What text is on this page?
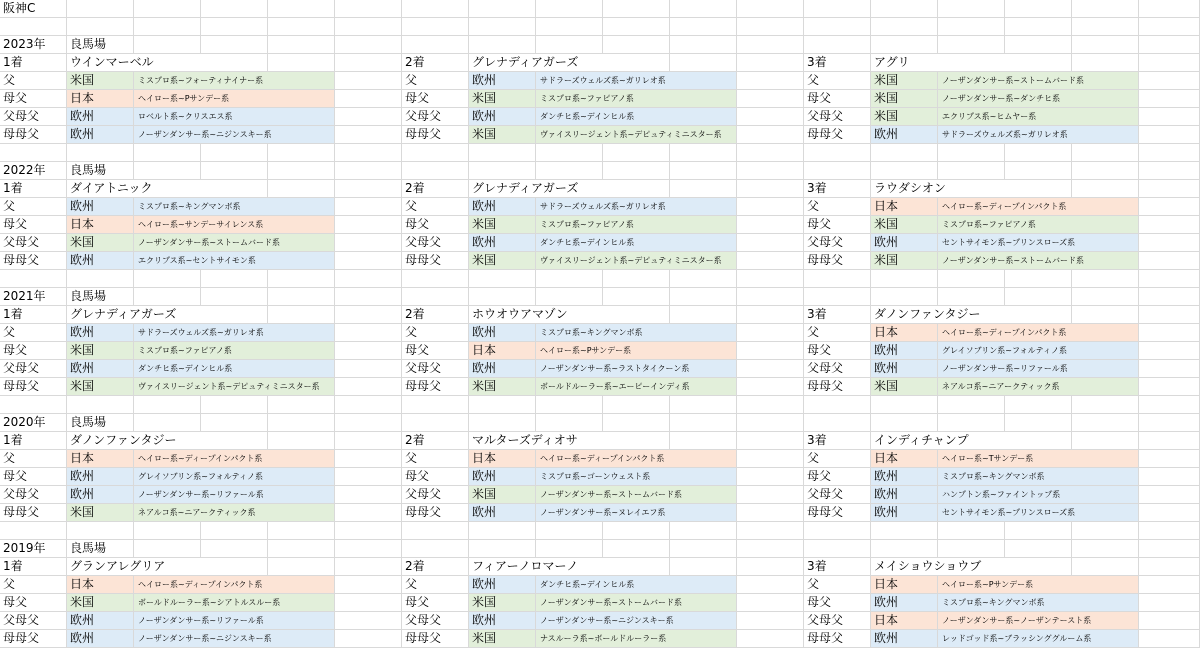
阪神C
2023年	良馬場
1着	ウインマーベル
父	米国	ミスプロ系~フォーティナイナー系
母父	日本	ヘイロー系~Pサンデー系
父母父	欧州	ロベルト系~クリスエス系
母母父	欧州	ノーザンダンサー系~ニジンスキー系
2着	グレナディアガーズ
父	欧州	サドラーズウェルズ系~ガリレオ系
母父	米国	ミスプロ系~ファピアノ系
父母父	欧州	ダンチヒ系~デインヒル系
母母父	米国	ヴァイスリージェント系~デピュティミニスター系
3着	アグリ
父	米国	ノーザンダンサー系~ストームバード系
母父	米国	ノーザンダンサー系~ダンチヒ系
父母父	米国	エクリプス系~ヒムヤー系
母母父	欧州	サドラーズウェルズ系~ガリレオ系
2022年	良馬場
1着	ダイアトニック
父	欧州	ミスプロ系~キングマンボ系
母父	日本	ヘイロー系~サンデーサイレンス系
父母父	米国	ノーザンダンサー系~ストームバード系
母母父	欧州	エクリプス系~セントサイモン系
2着	グレナディアガーズ
父	欧州	サドラーズウェルズ系~ガリレオ系
母父	米国	ミスプロ系~ファピアノ系
父母父	欧州	ダンチヒ系~デインヒル系
母母父	米国	ヴァイスリージェント系~デピュティミニスター系
3着	ラウダシオン
父	日本	ヘイロー系~ディープインパクト系
母父	米国	ミスプロ系~ファピアノ系
父母父	欧州	セントサイモン系~プリンスローズ系
母母父	米国	ノーザンダンサー系~ストームバード系
2021年	良馬場
1着	グレナディアガーズ
父	欧州	サドラーズウェルズ系~ガリレオ系
母父	米国	ミスプロ系~ファピアノ系
父母父	欧州	ダンチヒ系~デインヒル系
母母父	米国	ヴァイスリージェント系~デピュティミニスター系
2着	ホウオウアマゾン
父	欧州	ミスプロ系~キングマンボ系
母父	日本	ヘイロー系~Pサンデー系
父母父	欧州	ノーザンダンサー系~ラストタイクーン系
母母父	米国	ボールドルーラー系~エーピーインディ系
3着	ダノンファンタジー
父	日本	ヘイロー系~ディープインパクト系
母父	欧州	グレイソブリン系~フォルティノ系
父母父	欧州	ノーザンダンサー系~リファール系
母母父	米国	ネアルコ系~ニアークティック系
2020年	良馬場
1着	ダノンファンタジー
父	日本	ヘイロー系~ディープインパクト系
母父	欧州	グレイソブリン系~フォルティノ系
父母父	欧州	ノーザンダンサー系~リファール系
母母父	米国	ネアルコ系~ニアークティック系
2着	マルターズディオサ
父	日本	ヘイロー系~ディープインパクト系
母父	欧州	ミスプロ系~ゴーンウェスト系
父母父	米国	ノーザンダンサー系~ストームバード系
母母父	欧州	ノーザンダンサー系~ヌレイエフ系
3着	インディチャンプ
父	日本	ヘイロー系~Tサンデー系
母父	欧州	ミスプロ系~キングマンボ系
父母父	欧州	ハンプトン系~ファイントップ系
母母父	欧州	セントサイモン系~プリンスローズ系
2019年	良馬場
1着	グランアレグリア
父	日本	ヘイロー系~ディープインパクト系
母父	米国	ボールドルーラー系~シアトルスルー系
父母父	欧州	ノーザンダンサー系~リファール系
母母父	欧州	ノーザンダンサー系~ニジンスキー系
2着	フィアーノロマーノ
父	欧州	ダンチヒ系~デインヒル系
母父	米国	ノーザンダンサー系~ストームバード系
父母父	欧州	ノーザンダンサー系~ニジンスキー系
母母父	米国	ナスルーラ系~ボールドルーラー系
3着	メイショウショウブ
父	日本	ヘイロー系~Pサンデー系
母父	欧州	ミスプロ系~キングマンボ系
父母父	日本	ノーザンダンサー系~ノーザンテースト系
母母父	欧州	レッドゴッド系~ブラッシンググルーム系
